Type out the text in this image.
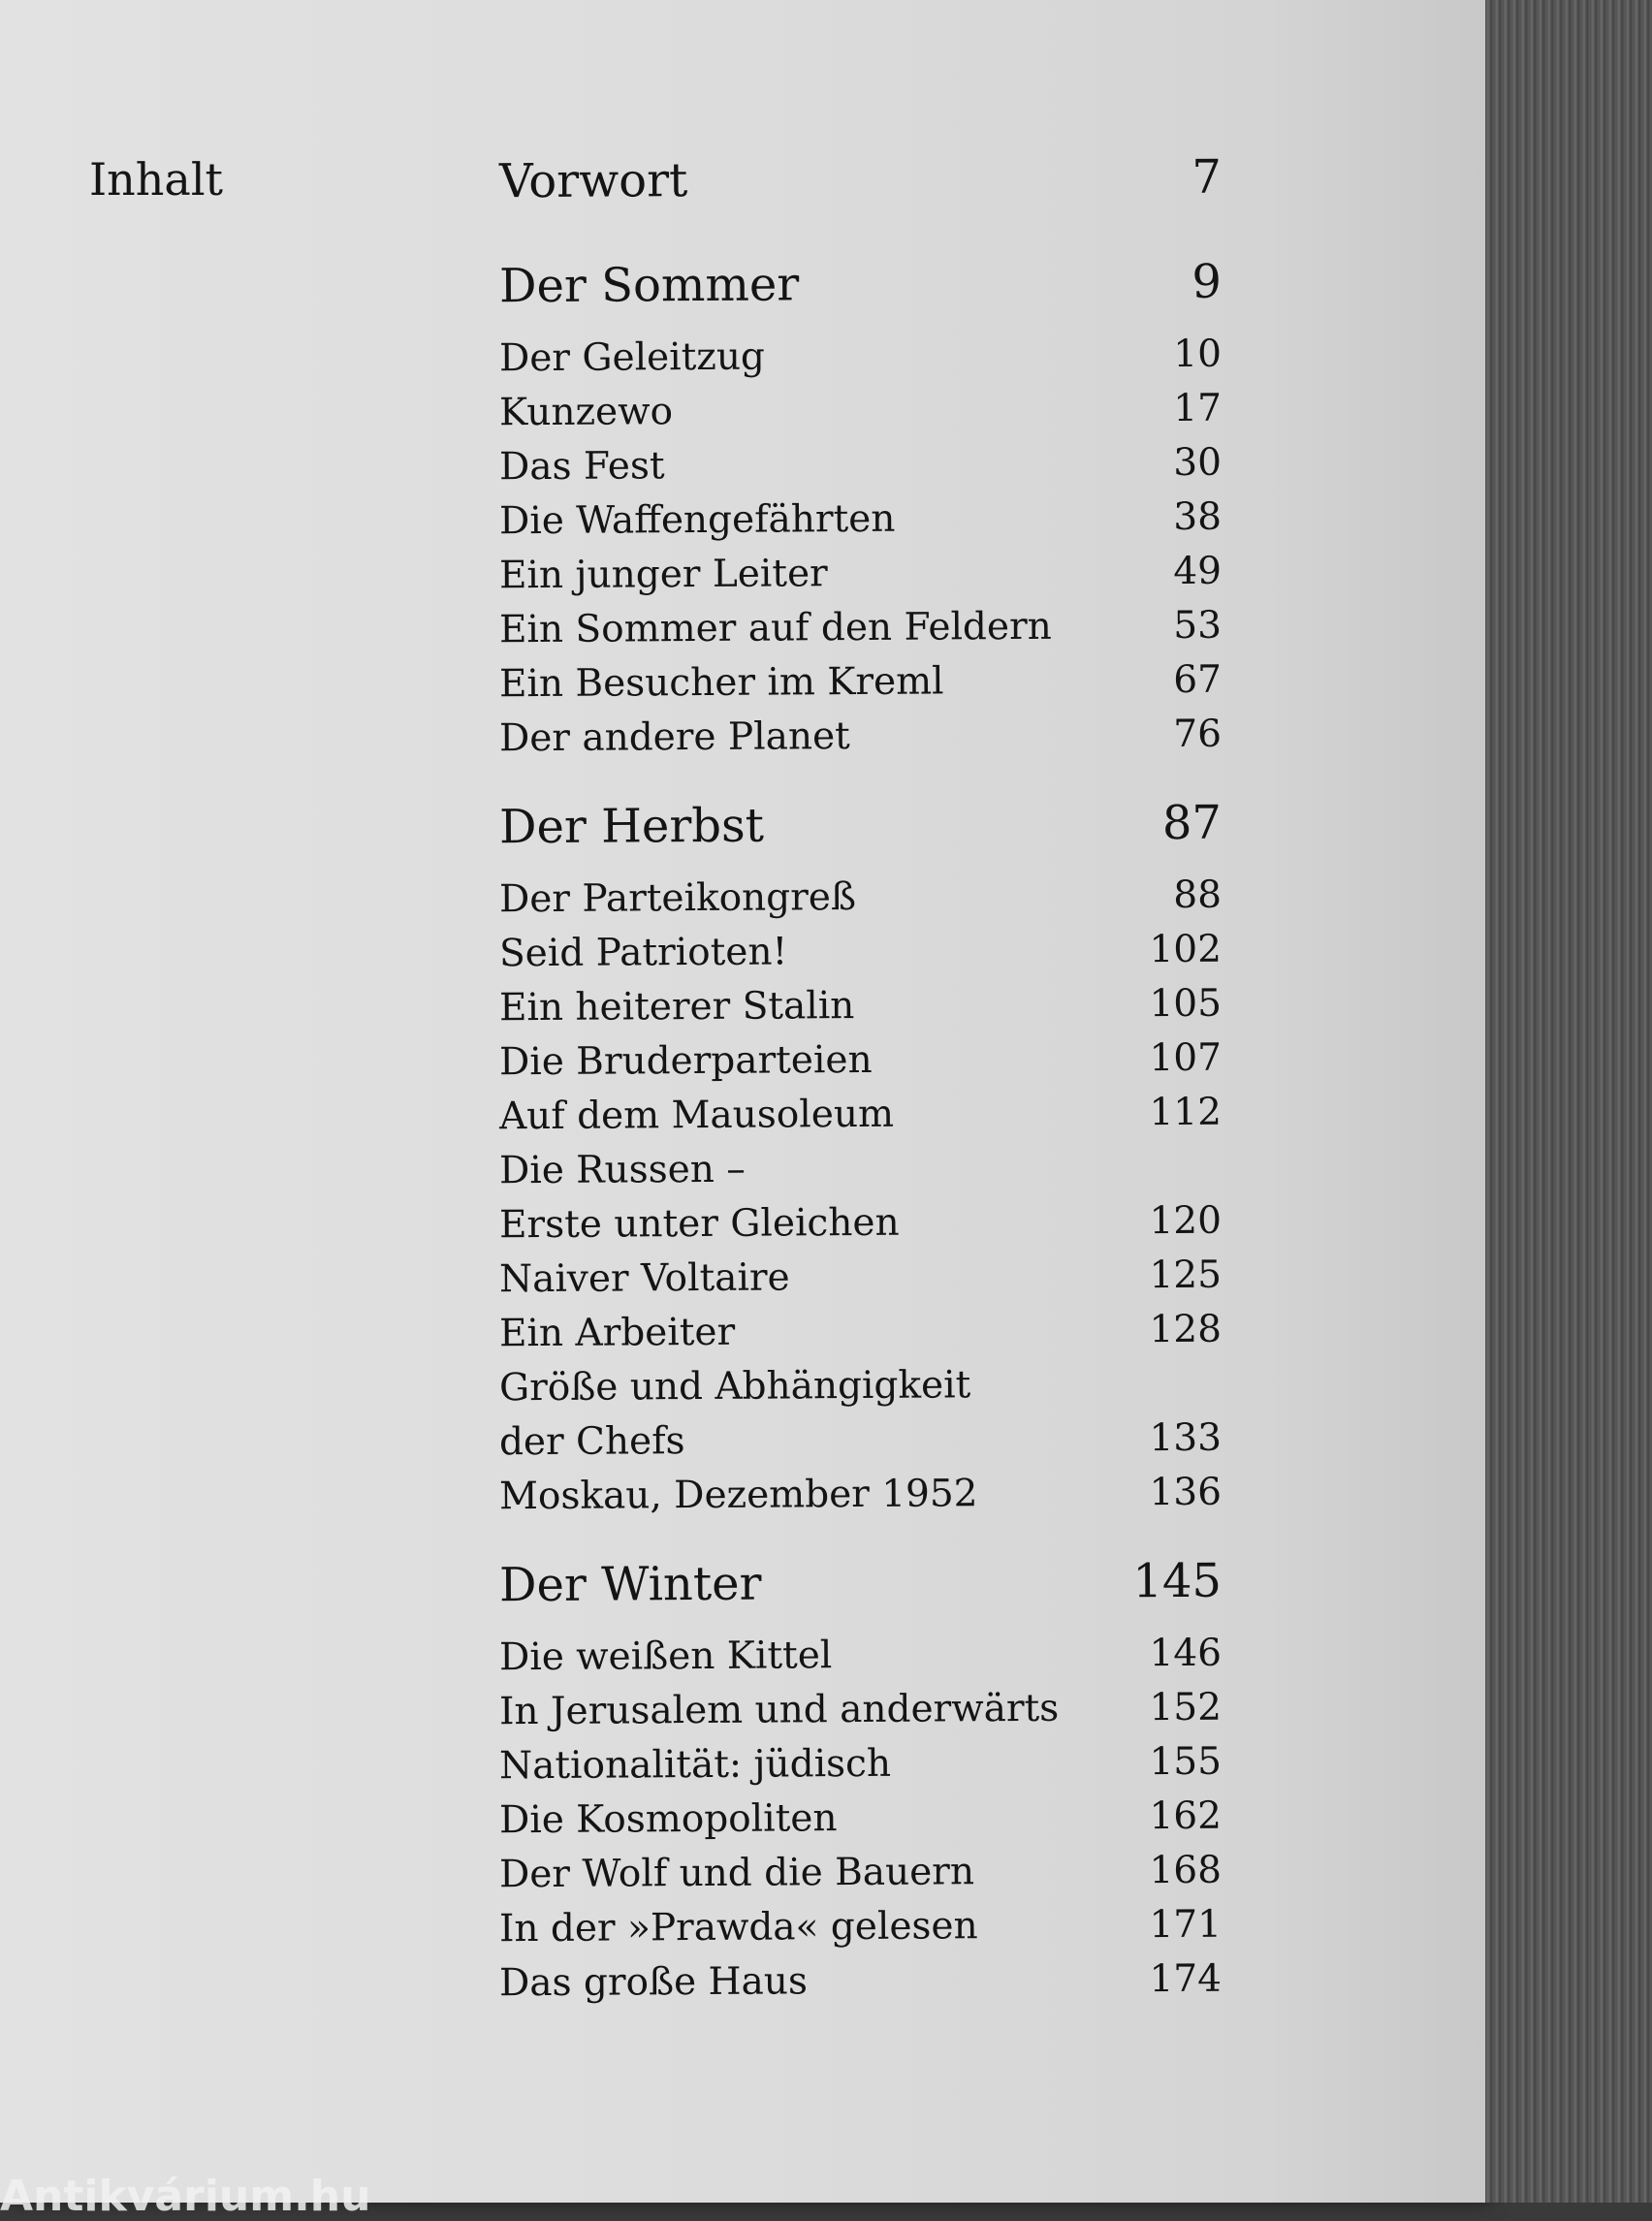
Inhalt	Vorwort	7
Der Sommer	9
Der Geleitzug	10
Kunzewo	17
Das Fest	30
Die Waffengefährten	38
Ein junger Leiter	49
Ein Sommer auf den Feldern	53
Ein Besucher im Kreml	67
Der andere Planet	76
Der Herbst	87
Der Parteikongreß	88
Seid Patrioten!	102
Ein heiterer Stalin	105
Die Bruderparteien	107
Auf dem Mausoleum	112
Die Russen –
Erste unter Gleichen	120
Naiver Voltaire	125
Ein Arbeiter	128
Größe und Abhängigkeit
der Chefs	133
Moskau, Dezember 1952	136
Der Winter	145
Die weißen Kittel	146
In Jerusalem und anderwärts 152
Nationalität: jüdisch	155
Die Kosmopoliten	162
Der Wolf und die Bauern	168
In der »Prawda« gelesen	171
Das große Haus	174
Antikvárium.hu
